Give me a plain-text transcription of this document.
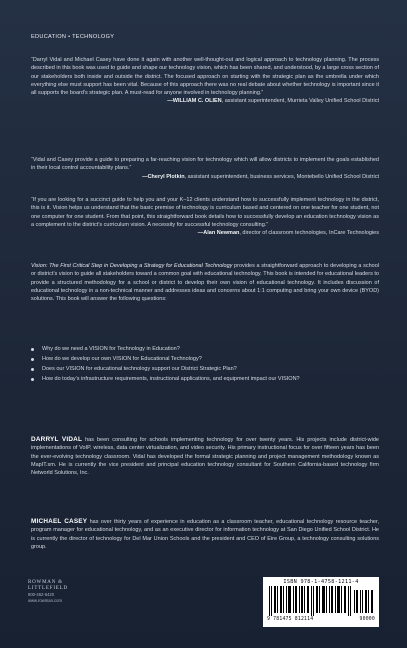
EDUCATION • TECHNOLOGY

“Darryl Vidal and Michael Casey have done it again with another well-thought-out and logical approach to technology planning. The process described in this book was used to guide and shape our technology vision, which has been shared, and understood, by a large cross section of our stakeholders both inside and outside the district. The focused approach on starting with the strategic plan as the umbrella under which everything else must support has been vital. Because of this approach there was no real debate about whether technology is important since it all supports the board’s strategic plan. A must-read for anyone involved in technology planning.”

—WILLIAM C. OLIEN, assistant superintendent, Murrieta Valley Unified School District

“Vidal and Casey provide a guide to preparing a far-reaching vision for technology which will allow districts to implement the goals established in their local control accountability plans.”

—Cheryl Plotkin, assistant superintendent, business services, Montebello Unified School District

“If you are looking for a succinct guide to help you and your K–12 clients understand how to successfully implement technology in the district, this is it. Vision helps us understand that the basic premise of technology is curriculum based and centered on one teacher for one student, not one computer for one student. From that point, this straightforward book details how to successfully develop an education technology vision as a complement to the district’s curriculum vision. A necessity for successful technology consulting.”

—Alan Newman, director of classroom technologies, InCare Technologies

Vision: The First Critical Step in Developing a Strategy for Educational Technology provides a straightforward approach to developing a school or district’s vision to guide all stakeholders toward a common goal with educational technology. This book is intended for educational leaders to provide a structured methodology for a school or district to develop their own vision of educational technology. It includes discussion of educational technology in a non-technical manner and addresses ideas and concerns about 1:1 computing and bring your own device (BYOD) solutions. This book will answer the following questions:
Why do we need a VISION for Technology in Education?
How do we develop our own VISION for Educational Technology?
Does our VISION for educational technology support our District Strategic Plan?
How do today’s infrastructure requirements, instructional applications, and equipment impact our VISION?
DARRYL VIDAL has been consulting for schools implementing technology for over twenty years. His projects include district-wide implementations of VoIP, wireless, data center virtualization, and video security. His primary instructional focus for over fifteen years has been the ever-evolving technology classroom. Vidal has developed the formal strategic planning and project management methodology known as MapIT.sm. He is currently the vice president and principal education technology consultant for Southern California-based technology firm Networld Solutions, Inc.
MICHAEL CASEY has over thirty years of experience in education as a classroom teacher, educational technology resource teacher, program manager for educational technology, and as an executive director for information technology at San Diego Unified School District. He is currently the director of technology for Del Mar Union Schools and the president and CEO of Eire Group, a technology consulting solutions group.
ROWMAN &
LITTLEFIELD
800-462-6420
www.rowman.com
ISBN 978-1-4758-1211-4
9 781475 812114	90000
